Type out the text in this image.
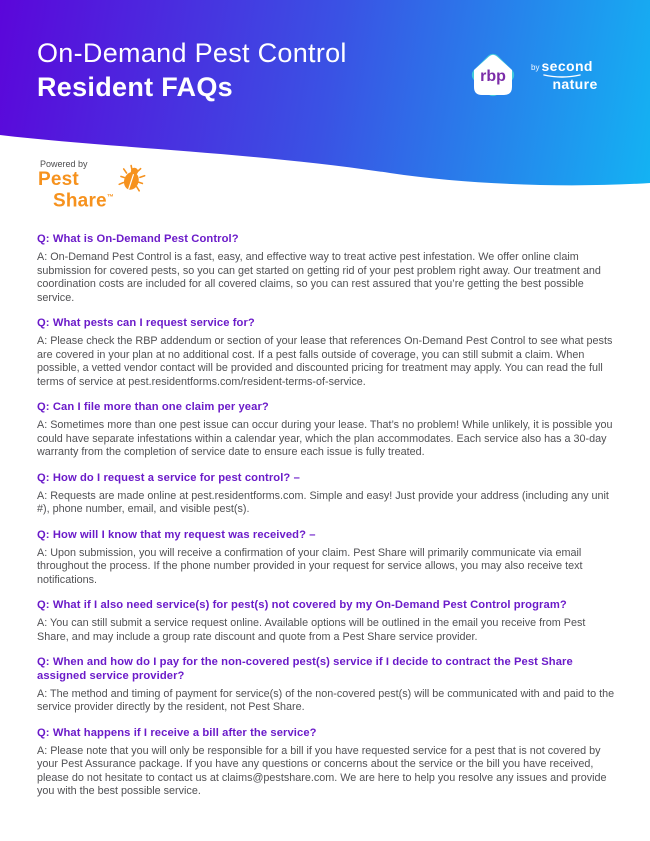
On-Demand Pest Control
Resident FAQs	rbp
by second
nature
Powered by
Pest
Share™
Q: What is On-Demand Pest Control?
A: On-Demand Pest Control is a fast, easy, and effective way to treat active pest infestation. We offer online claim submission for covered pests, so you can get started on getting rid of your pest problem right away. Our treatment and coordination costs are included for all covered claims, so you can rest assured that you’re getting the best possible service.
Q: What pests can I request service for?
A: Please check the RBP addendum or section of your lease that references On-Demand Pest Control to see what pests are covered in your plan at no additional cost. If a pest falls outside of coverage, you can still submit a claim. When possible, a vetted vendor contact will be provided and discounted pricing for treatment may apply. You can read the full terms of service at pest.residentforms.com/resident-terms-of-service.
Q: Can I file more than one claim per year?
A: Sometimes more than one pest issue can occur during your lease. That’s no problem! While unlikely, it is possible you could have separate infestations within a calendar year, which the plan accommodates. Each service also has a 30-day warranty from the completion of service date to ensure each issue is fully treated.
Q: How do I request a service for pest control? –
A: Requests are made online at pest.residentforms.com. Simple and easy! Just provide your address (including any unit #), phone number, email, and visible pest(s).
Q: How will I know that my request was received? –
A: Upon submission, you will receive a confirmation of your claim. Pest Share will primarily communicate via email throughout the process. If the phone number provided in your request for service allows, you may also receive text notifications.
Q: What if I also need service(s) for pest(s) not covered by my On-Demand Pest Control program?
A: You can still submit a service request online. Available options will be outlined in the email you receive from Pest Share, and may include a group rate discount and quote from a Pest Share service provider.
Q: When and how do I pay for the non-covered pest(s) service if I decide to contract the Pest Share assigned service provider?
A: The method and timing of payment for service(s) of the non-covered pest(s) will be communicated with and paid to the service provider directly by the resident, not Pest Share.
Q: What happens if I receive a bill after the service?
A: Please note that you will only be responsible for a bill if you have requested service for a pest that is not covered by your Pest Assurance package. If you have any questions or concerns about the service or the bill you have received, please do not hesitate to contact us at claims@pestshare.com. We are here to help you resolve any issues and provide you with the best possible service.
